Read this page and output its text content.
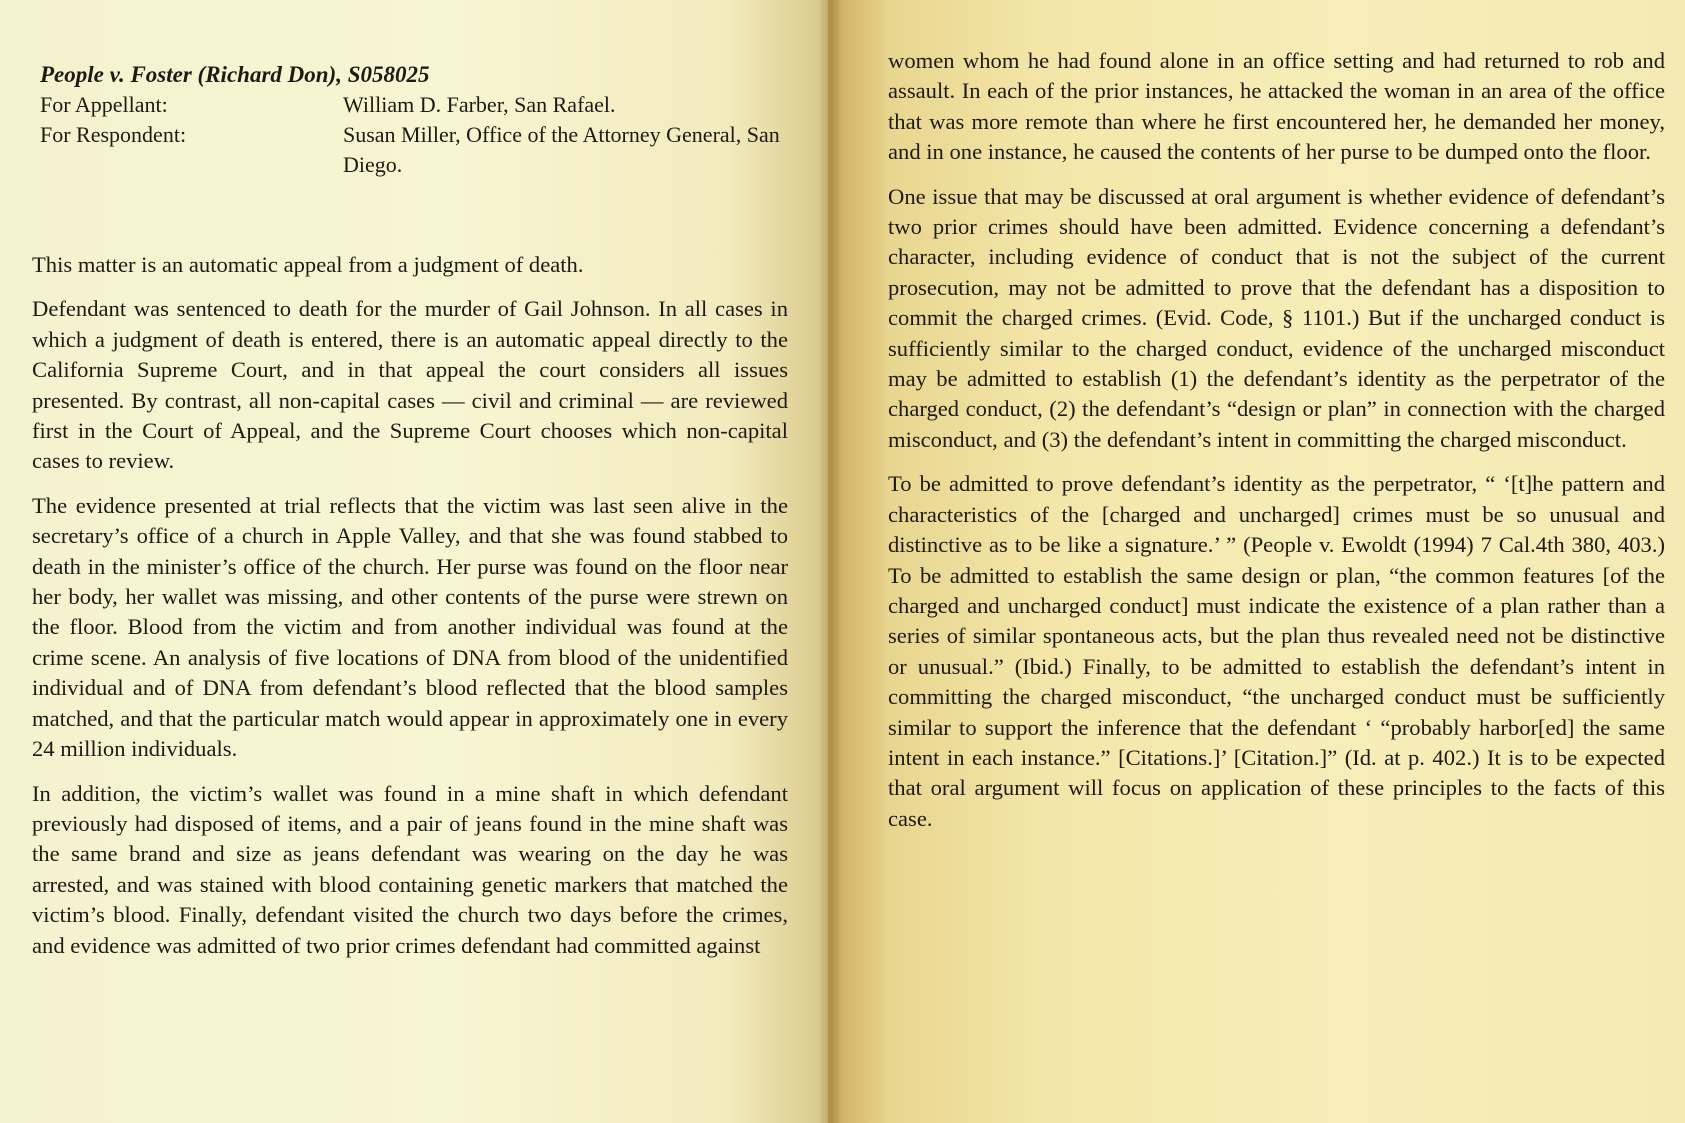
People v. Foster (Richard Don), S058025
For Appellant:	William D. Farber, San Rafael.
For Respondent:	Susan Miller, Office of the Attorney General, San Diego.

This matter is an automatic appeal from a judgment of death.

Defendant was sentenced to death for the murder of Gail Johnson. In all cases in which a judgment of death is entered, there is an automatic appeal directly to the California Supreme Court, and in that appeal the court considers all issues presented. By contrast, all non-capital cases — civil and criminal — are reviewed first in the Court of Appeal, and the Supreme Court chooses which non-capital cases to review.

The evidence presented at trial reflects that the victim was last seen alive in the secretary’s office of a church in Apple Valley, and that she was found stabbed to death in the minister’s office of the church. Her purse was found on the floor near her body, her wallet was missing, and other contents of the purse were strewn on the floor. Blood from the victim and from another individual was found at the crime scene. An analysis of five locations of DNA from blood of the unidentified individual and of DNA from defendant’s blood reflected that the blood samples matched, and that the particular match would appear in approximately one in every 24 million individuals.

In addition, the victim’s wallet was found in a mine shaft in which defendant previously had disposed of items, and a pair of jeans found in the mine shaft was the same brand and size as jeans defendant was wearing on the day he was arrested, and was stained with blood containing genetic markers that matched the victim’s blood. Finally, defendant visited the church two days before the crimes, and evidence was admitted of two prior crimes defendant had committed against

women whom he had found alone in an office setting and had returned to rob and assault. In each of the prior instances, he attacked the woman in an area of the office that was more remote than where he first encountered her, he demanded her money, and in one instance, he caused the contents of her purse to be dumped onto the floor.

One issue that may be discussed at oral argument is whether evidence of defendant’s two prior crimes should have been admitted. Evidence concerning a defendant’s character, including evidence of conduct that is not the subject of the current prosecution, may not be admitted to prove that the defendant has a disposition to commit the charged crimes. (Evid. Code, § 1101.) But if the uncharged conduct is sufficiently similar to the charged conduct, evidence of the uncharged misconduct may be admitted to establish (1) the defendant’s identity as the perpetrator of the charged conduct, (2) the defendant’s “design or plan” in connection with the charged misconduct, and (3) the defendant’s intent in committing the charged misconduct.

To be admitted to prove defendant’s identity as the perpetrator, “ ‘[t]he pattern and characteristics of the [charged and uncharged] crimes must be so unusual and distinctive as to be like a signature.’ ” (People v. Ewoldt (1994) 7 Cal.4th 380, 403.) To be admitted to establish the same design or plan, “the common features [of the charged and uncharged conduct] must indicate the existence of a plan rather than a series of similar spontaneous acts, but the plan thus revealed need not be distinctive or unusual.” (Ibid.) Finally, to be admitted to establish the defendant’s intent in committing the charged misconduct, “the uncharged conduct must be sufficiently similar to support the inference that the defendant ‘ “probably harbor[ed] the same intent in each instance.” [Citations.]’ [Citation.]” (Id. at p. 402.) It is to be expected that oral argument will focus on application of these principles to the facts of this case.
